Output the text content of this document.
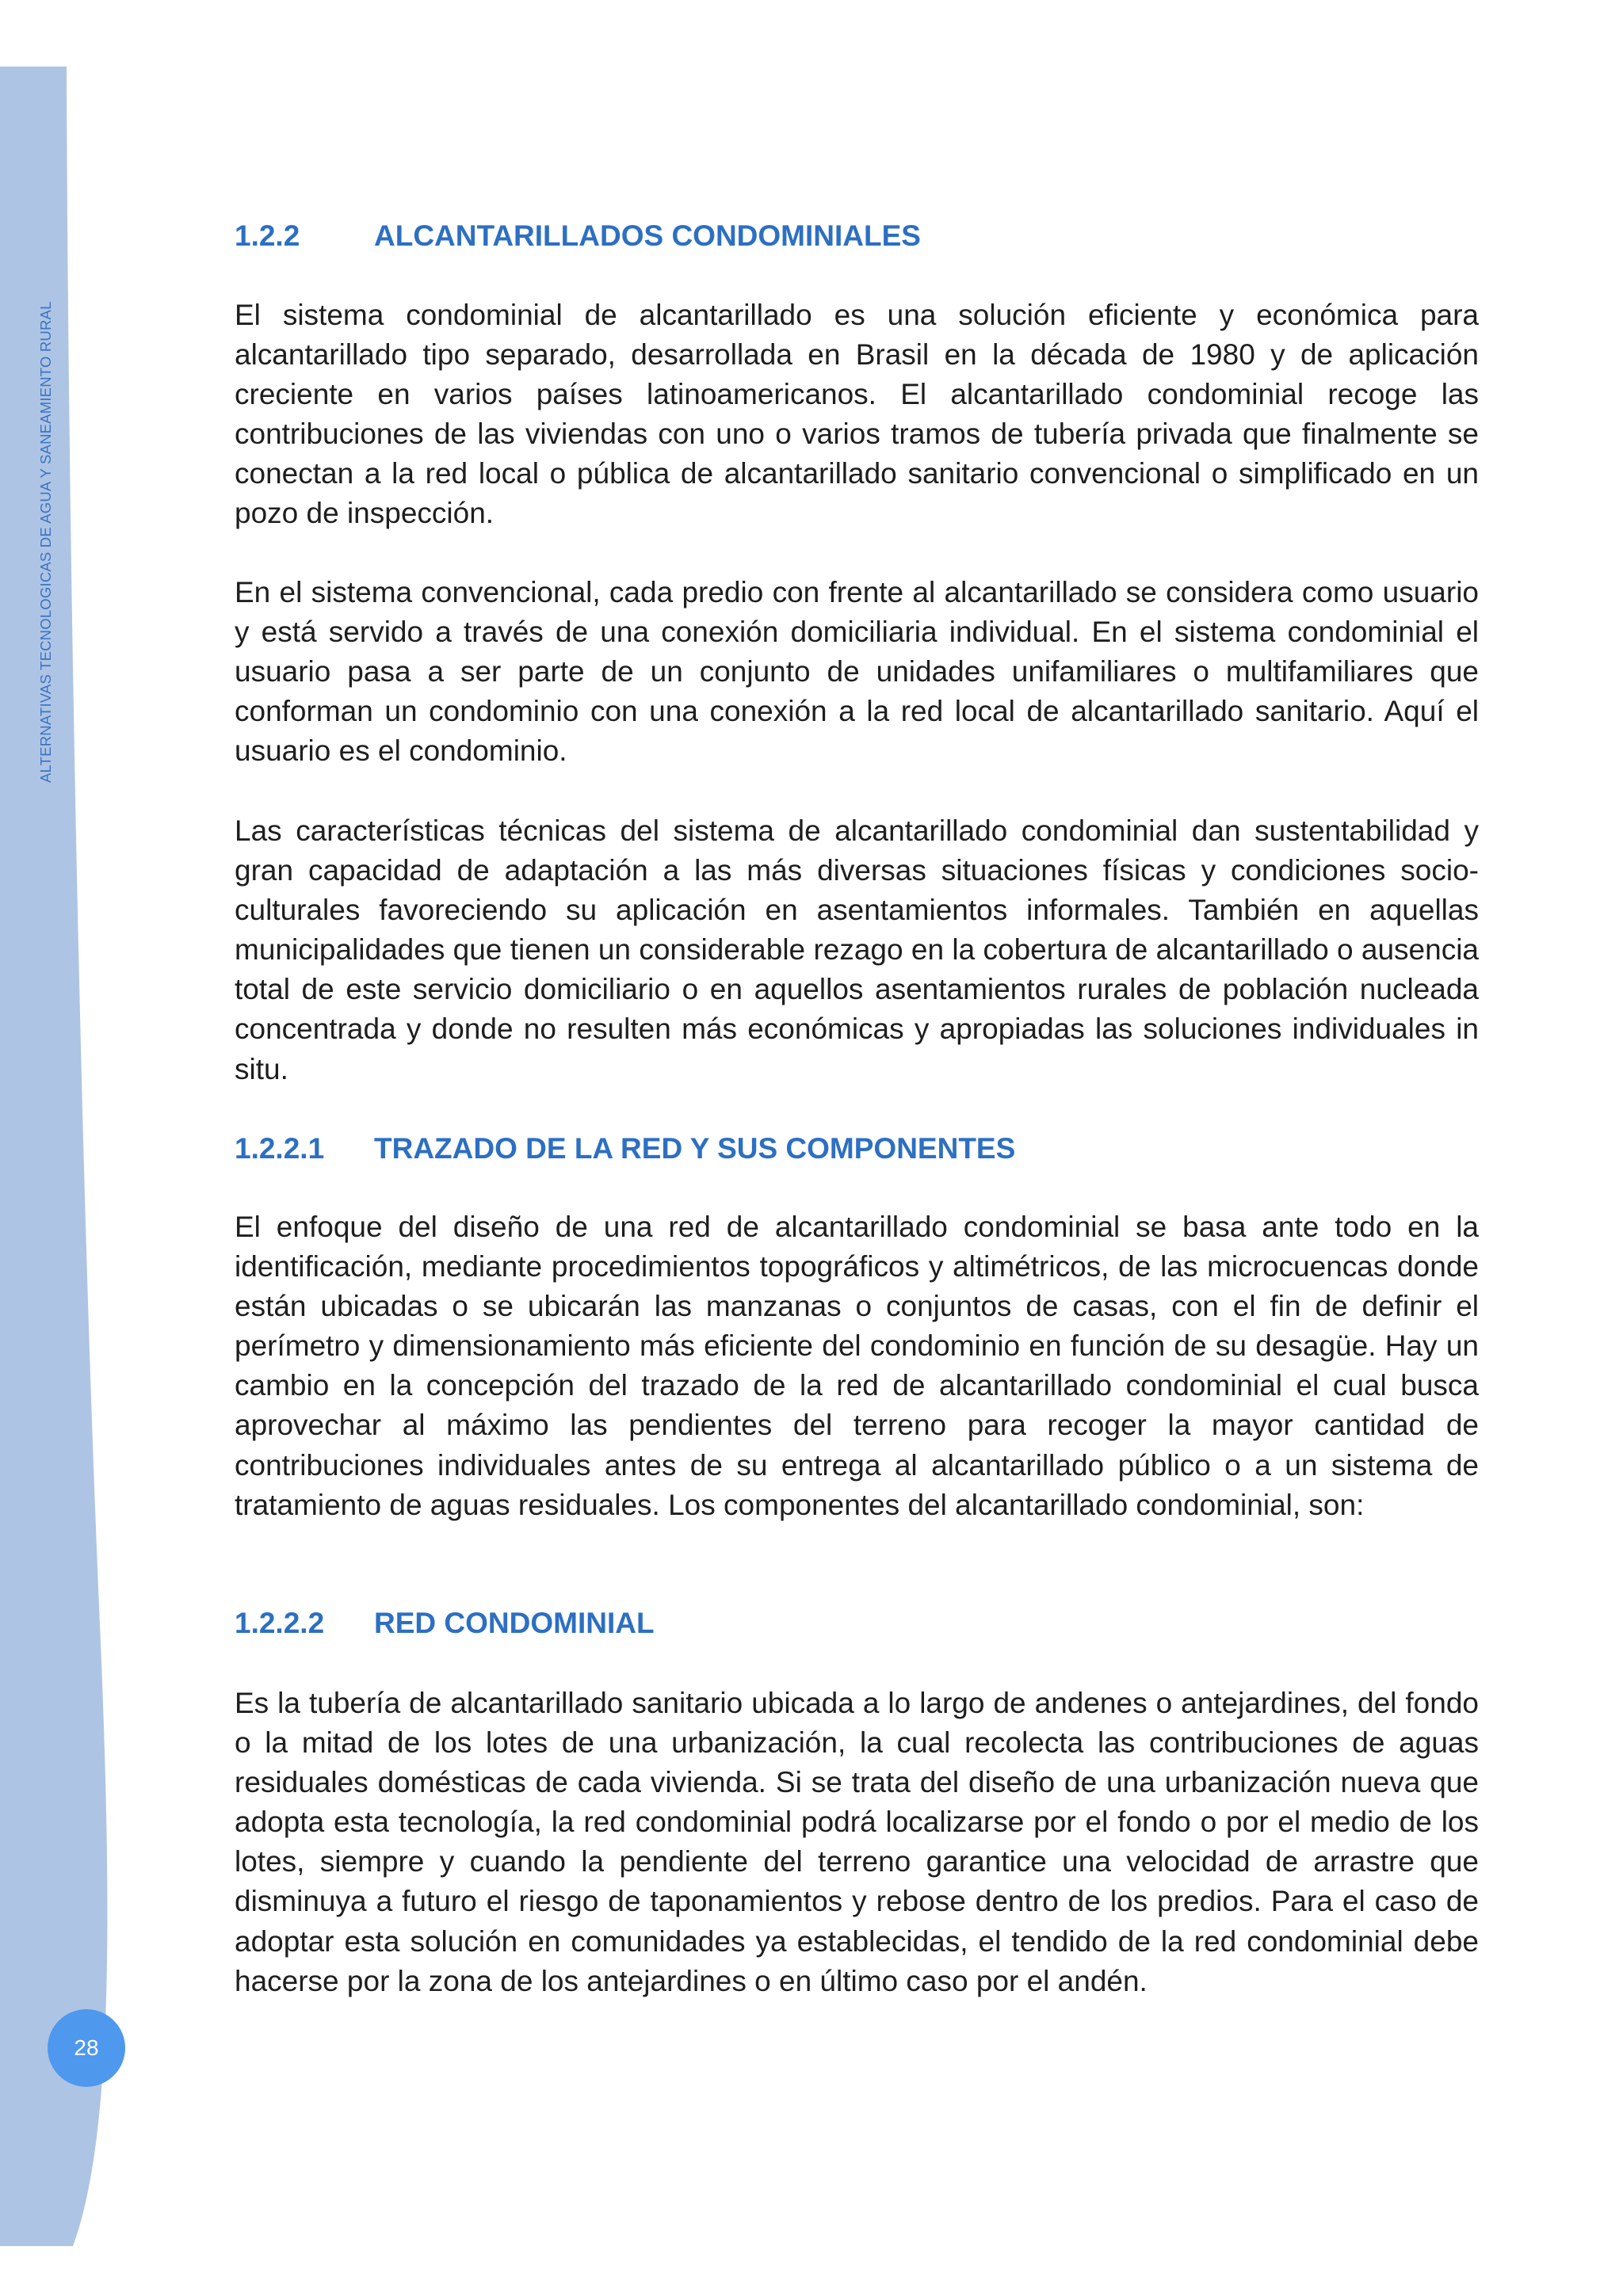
ALTERNATIVAS TECNOLOGICAS DE AGUA Y SANEAMIENTO RURAL
28
1.2.2	ALCANTARILLADOS CONDOMINIALES

El sistema condominial de alcantarillado es una solución eficiente y económica para alcantarillado tipo separado, desarrollada en Brasil en la década de 1980 y de aplicación creciente en varios países latinoamericanos. El alcantarillado condominial recoge las contribuciones de las viviendas con uno o varios tramos de tubería privada que finalmente se conectan a la red local o pública de alcantarillado sanitario convencional o simplificado en un pozo de inspección.

En el sistema convencional, cada predio con frente al alcantarillado se considera como usuario y está servido a través de una conexión domiciliaria individual. En el sistema condominial el usuario pasa a ser parte de un conjunto de unidades unifamiliares o multifamiliares que conforman un condominio con una conexión a la red local de alcantarillado sanitario. Aquí el usuario es el condominio.

Las características técnicas del sistema de alcantarillado condominial dan sustentabilidad y gran capacidad de adaptación a las más diversas situaciones físicas y condiciones socio-culturales favoreciendo su aplicación en asentamientos informales. También en aquellas municipalidades que tienen un considerable rezago en la cobertura de alcantarillado o ausencia total de este servicio domiciliario o en aquellos asentamientos rurales de población nucleada concentrada y donde no resulten más económicas y apropiadas las soluciones individuales in situ.

1.2.2.1 TRAZADO DE LA RED Y SUS COMPONENTES

El enfoque del diseño de una red de alcantarillado condominial se basa ante todo en la identificación, mediante procedimientos topográficos y altimétricos, de las microcuencas donde están ubicadas o se ubicarán las manzanas o conjuntos de casas, con el fin de definir el perímetro y dimensionamiento más eficiente del condominio en función de su desagüe. Hay un cambio en la concepción del trazado de la red de alcantarillado condominial el cual busca aprovechar al máximo las pendientes del terreno para recoger la mayor cantidad de contribuciones individuales antes de su entrega al alcantarillado público o a un sistema de tratamiento de aguas residuales. Los componentes del alcantarillado condominial, son:

1.2.2.2 RED CONDOMINIAL

Es la tubería de alcantarillado sanitario ubicada a lo largo de andenes o antejardines, del fondo o la mitad de los lotes de una urbanización, la cual recolecta las contribuciones de aguas residuales domésticas de cada vivienda. Si se trata del diseño de una urbanización nueva que adopta esta tecnología, la red condominial podrá localizarse por el fondo o por el medio de los lotes, siempre y cuando la pendiente del terreno garantice una velocidad de arrastre que disminuya a futuro el riesgo de taponamientos y rebose dentro de los predios. Para el caso de adoptar esta solución en comunidades ya establecidas, el tendido de la red condominial debe hacerse por la zona de los antejardines o en último caso por el andén.
